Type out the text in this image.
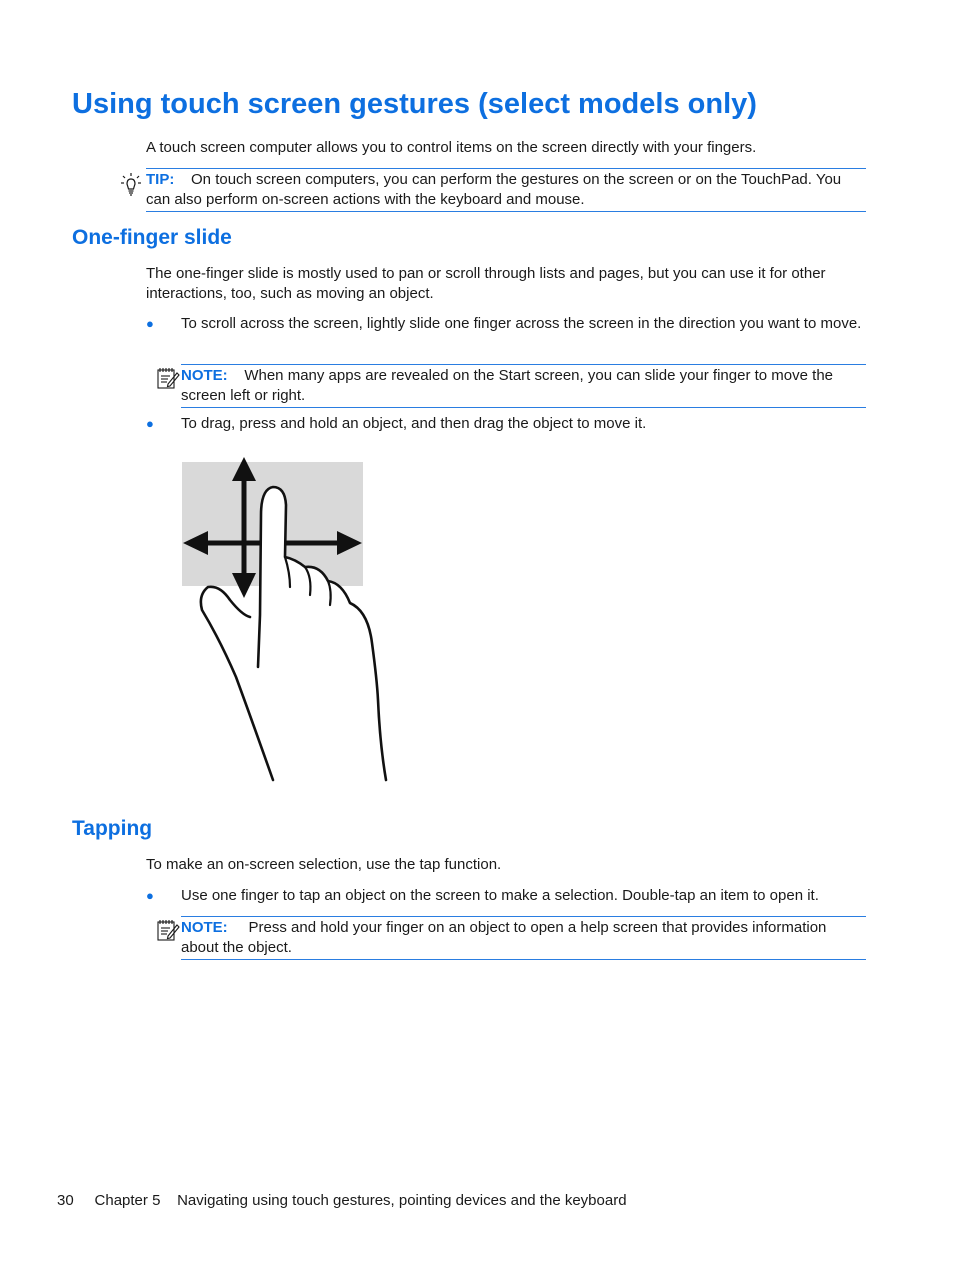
Using touch screen gestures (select models only)
A touch screen computer allows you to control items on the screen directly with your fingers.
TIP: On touch screen computers, you can perform the gestures on the screen or on the TouchPad. You can also perform on-screen actions with the keyboard and mouse.
One-finger slide
The one-finger slide is mostly used to pan or scroll through lists and pages, but you can use it for other interactions, too, such as moving an object.
● To scroll across the screen, lightly slide one finger across the screen in the direction you want to move.
NOTE: When many apps are revealed on the Start screen, you can slide your finger to move the screen left or right.
● To drag, press and hold an object, and then drag the object to move it.
Tapping
To make an on-screen selection, use the tap function.
● Use one finger to tap an object on the screen to make a selection. Double-tap an item to open it.
NOTE: Press and hold your finger on an object to open a help screen that provides information about the object.
30 Chapter 5 Navigating using touch gestures, pointing devices and the keyboard
